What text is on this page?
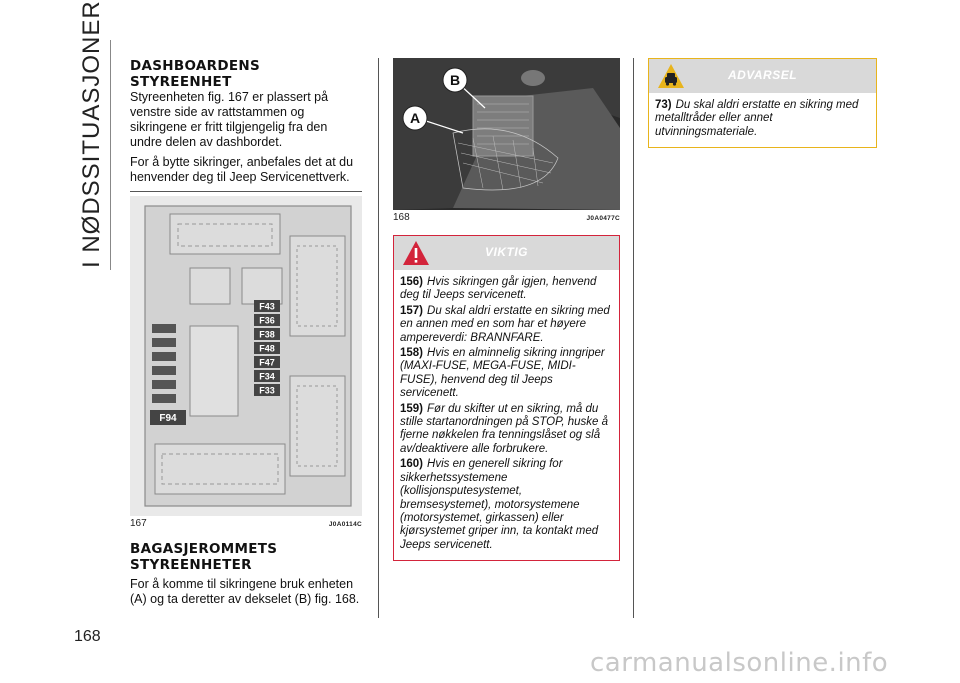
I NØDSSITUASJONER
168
DASHBOARDENS STYREENHET

Styreenheten fig. 167 er plassert på venstre side av rattstammen og sikringene er fritt tilgjengelig fra den undre delen av dashbordet.

For å bytte sikringer, anbefales det at du henvender deg til Jeep Servicenettverk.

F94
F43
F36
F38
F48
F47
F34
F33
167	J0A0114C
BAGASJEROMMETS STYREENHETER

For å komme til sikringene bruk enheten (A) og ta deretter av dekselet (B) fig. 168.

A
B
168	J0A0477C
VIKTIG

156) Hvis sikringen går igjen, henvend deg til Jeeps servicenett.

157) Du skal aldri erstatte en sikring med en annen med en som har et høyere ampereverdi: BRANNFARE.

158) Hvis en alminnelig sikring inngriper (MAXI-FUSE, MEGA-FUSE, MIDI-FUSE), henvend deg til Jeeps servicenett.

159) Før du skifter ut en sikring, må du stille startanordningen på STOP, huske å fjerne nøkkelen fra tenningslåset og slå av/deaktivere alle forbrukere.

160) Hvis en generell sikring for sikkerhetssystemene (kollisjonsputesystemet, bremsesystemet), motorsystemene (motorsystemet, girkassen) eller kjørsystemet griper inn, ta kontakt med Jeeps servicenett.

ADVARSEL

73) Du skal aldri erstatte en sikring med metalltråder eller annet utvinningsmateriale.

carmanualsonline.info
